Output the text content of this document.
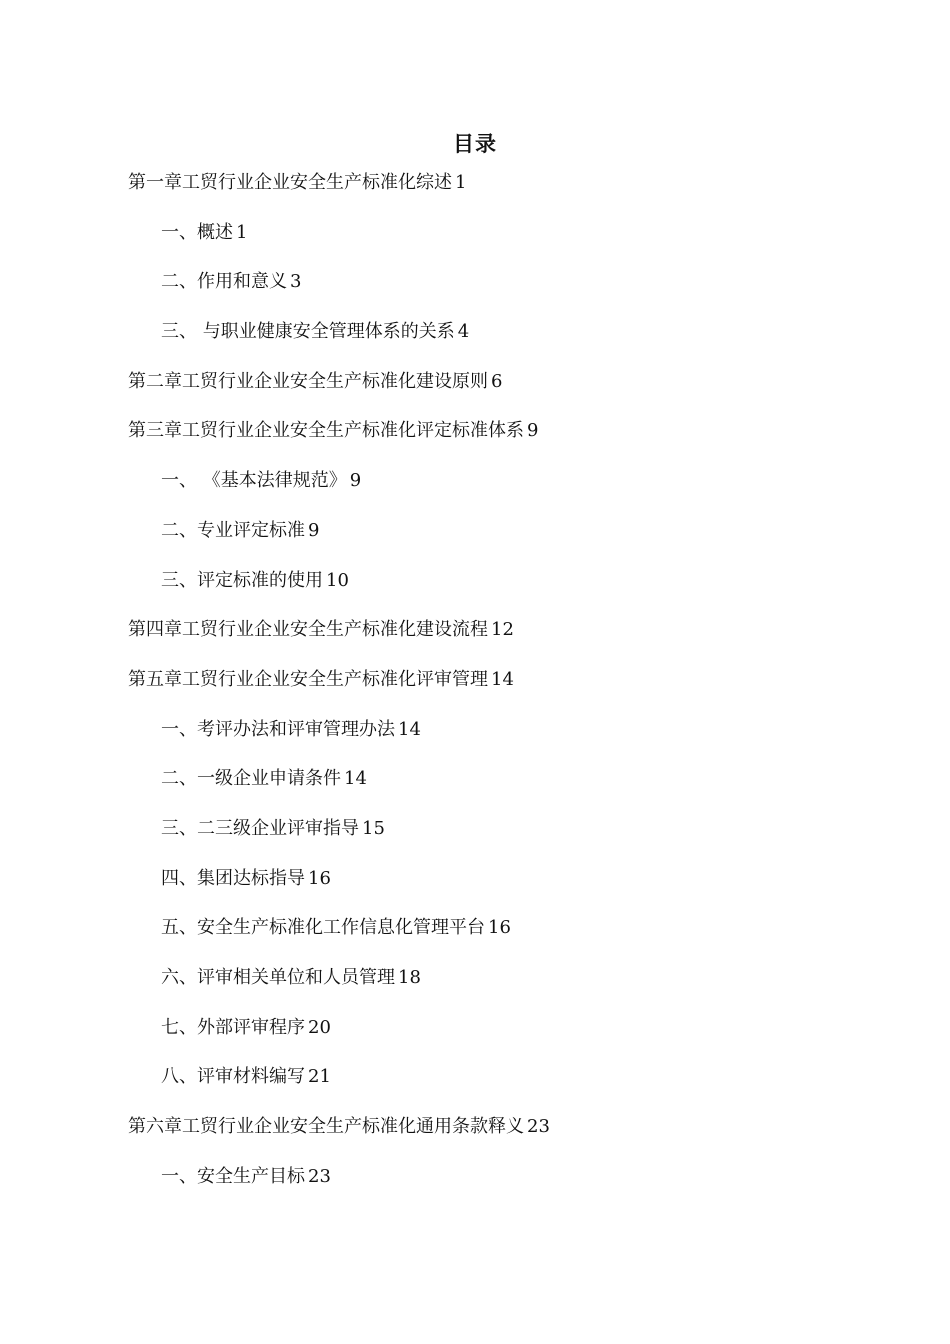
目录
第一章工贸行业企业安全生产标准化综述 1
一、概述 1
二、作用和意义 3
三、 与职业健康安全管理体系的关系 4
第二章工贸行业企业安全生产标准化建设原则 6
第三章工贸行业企业安全生产标准化评定标准体系 9
一、 《基本法律规范》 9
二、专业评定标准 9
三、评定标准的使用 10
第四章工贸行业企业安全生产标准化建设流程 12
第五章工贸行业企业安全生产标准化评审管理 14
一、考评办法和评审管理办法 14
二、一级企业申请条件 14
三、二三级企业评审指导 15
四、集团达标指导 16
五、安全生产标准化工作信息化管理平台 16
六、评审相关单位和人员管理 18
七、外部评审程序 20
八、评审材料编写 21
第六章工贸行业企业安全生产标准化通用条款释义 23
一、安全生产目标 23
